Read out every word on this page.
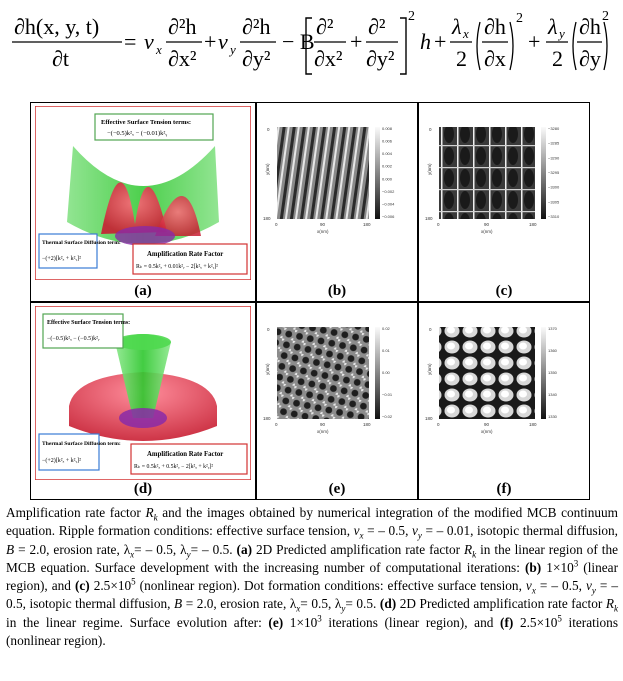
∂h(x, y, t)
∂t
= ν x
∂²h
∂x²
+ ν y
∂²h
∂y²
− B
∂²
∂x²
+
∂²
∂y²
2
h +
λ x
2
∂h
∂x
2
+
λ y
2
∂h
∂y
2
Effective Surface Tension terms:
−(−0.5)k²ₓ − (−0.01)k²ᵧ
Thermal Surface Diffusion term:
−(+2)[k²ₓ + k²ᵧ]²
Amplification Rate Factor
Rₖ = 0.5k²ₓ + 0.01k²ᵧ − 2[k²ₓ + k²ᵧ]²
(a)
0.008
0.006
0.004
0.002
0.000
−0.002
−0.004
−0.006
0	90	180
x(nm)
0
180
y(nm)
(b)
−3280
−3285
−3290
−3295
−3300
−3305
−3310
0	90	180
x(nm)
0
180
y(nm)
(c)
Effective Surface Tension terms:
−(−0.5)k²ₓ − (−0.5)k²ᵧ
Thermal Surface Diffusion term:
−(+2)[k²ₓ + k²ᵧ]²
Amplification Rate Factor
Rₖ = 0.5k²ₓ + 0.5k²ᵧ − 2[k²ₓ + k²ᵧ]²
(d)
0.02
0.01
0.00
−0.01
−0.02
0	90	180
x(nm)
0
180
y(nm)
(e)
1370
1360
1350
1340
1330
0	90	180
x(nm)
0
180
y(nm)
(f)
Amplification rate factor $R_k$ and the images obtained by numerical integration of the modified MCB continuum equation. Ripple formation conditions: effective surface tension, $v_x$ = – 0.5, $v_y$ = – 0.01, isotopic thermal diffusion, B = 2.0, erosion rate, $\lambda_x= - 0.5$, $\lambda_y= - 0.5$. (a) 2D Predicted amplification rate factor $R_k$ in the linear region of the MCB equation. Surface development with the increasing number of computational iterations: (b) $1\times 10^3$ (linear region), and (c) $2.5\times 10^5$ (nonlinear region). Dot formation conditions: effective surface tension, $v_x$ = – 0.5, $v_y$ = – 0.5, isotopic thermal diffusion, B = 2.0, erosion rate, $\lambda_x= 0.5$, $\lambda_y= 0.5$. (d) 2D Predicted amplification rate factor $R_k$ in the linear regime. Surface evolution after: (e) $1\times 10^3$ iterations (linear region), and (f) $2.5\times 10^5$ iterations (nonlinear region).
